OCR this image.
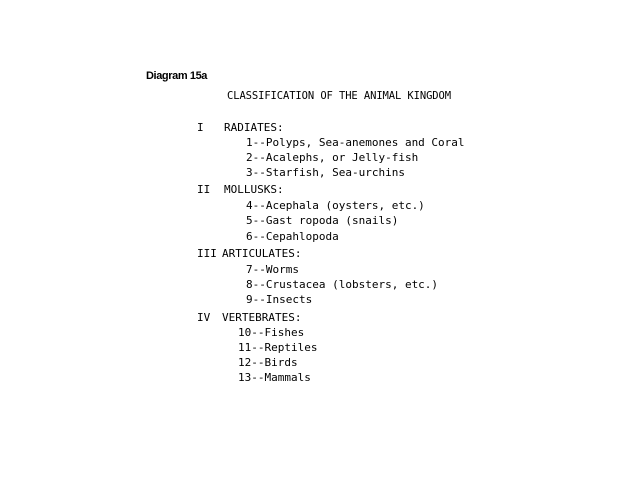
Diagram 15a
CLASSIFICATION OF THE ANIMAL KINGDOM
I RADIATES:
1--Polyps, Sea-anemones and Coral
2--Acalephs, or Jelly-fish
3--Starfish, Sea-urchins
II MOLLUSKS:
4--Acephala (oysters, etc.)
5--Gast ropoda (snails)
6--Cepahlopoda
III ARTICULATES:
7--Worms
8--Crustacea (lobsters, etc.)
9--Insects
IV VERTEBRATES:
10--Fishes
11--Reptiles
12--Birds
13--Mammals
